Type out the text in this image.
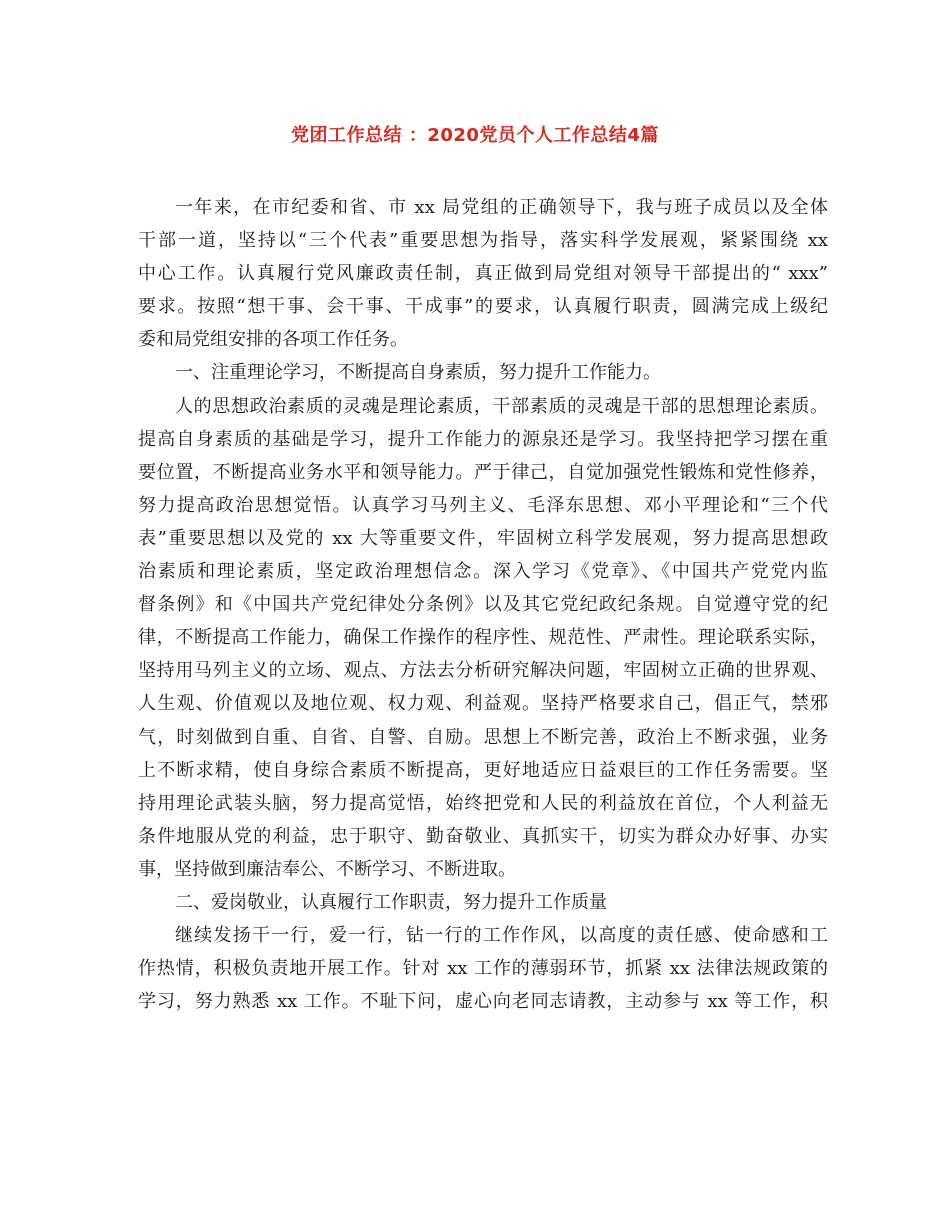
党团工作总结 ：2020党员个人工作总结4篇
一年来，在市纪委和省、市 xx 局党组的正确领导下，我与班子成员以及全体
干部一道，坚持以“三个代表”重要思想为指导，落实科学发展观，紧紧围绕 xx
中心工作。认真履行党风廉政责任制，真正做到局党组对领导干部提出的“ xxx”
要求。按照“想干事、会干事、干成事”的要求，认真履行职责，圆满完成上级纪
委和局党组安排的各项工作任务。
一、注重理论学习，不断提高自身素质，努力提升工作能力。
人的思想政治素质的灵魂是理论素质，干部素质的灵魂是干部的思想理论素质。
提高自身素质的基础是学习，提升工作能力的源泉还是学习。我坚持把学习摆在重
要位置，不断提高业务水平和领导能力。严于律己，自觉加强党性锻炼和党性修养，
努力提高政治思想觉悟。认真学习马列主义、毛泽东思想、邓小平理论和“三个代
表”重要思想以及党的 xx 大等重要文件，牢固树立科学发展观，努力提高思想政
治素质和理论素质，坚定政治理想信念。深入学习《党章》、《中国共产党党内监
督条例》和《中国共产党纪律处分条例》以及其它党纪政纪条规。自觉遵守党的纪
律，不断提高工作能力，确保工作操作的程序性、规范性、严肃性。理论联系实际，
坚持用马列主义的立场、观点、方法去分析研究解决问题，牢固树立正确的世界观、
人生观、价值观以及地位观、权力观、利益观。坚持严格要求自己，倡正气，禁邪
气，时刻做到自重、自省、自警、自励。思想上不断完善，政治上不断求强，业务
上不断求精，使自身综合素质不断提高，更好地适应日益艰巨的工作任务需要。坚
持用理论武装头脑，努力提高觉悟，始终把党和人民的利益放在首位，个人利益无
条件地服从党的利益，忠于职守、勤奋敬业、真抓实干，切实为群众办好事、办实
事，坚持做到廉洁奉公、不断学习、不断进取。
二、爱岗敬业，认真履行工作职责，努力提升工作质量
继续发扬干一行，爱一行，钻一行的工作作风，以高度的责任感、使命感和工
作热情，积极负责地开展工作。针对 xx 工作的薄弱环节，抓紧 xx 法律法规政策的
学习，努力熟悉 xx 工作。不耻下问，虚心向老同志请教，主动参与 xx 等工作，积
